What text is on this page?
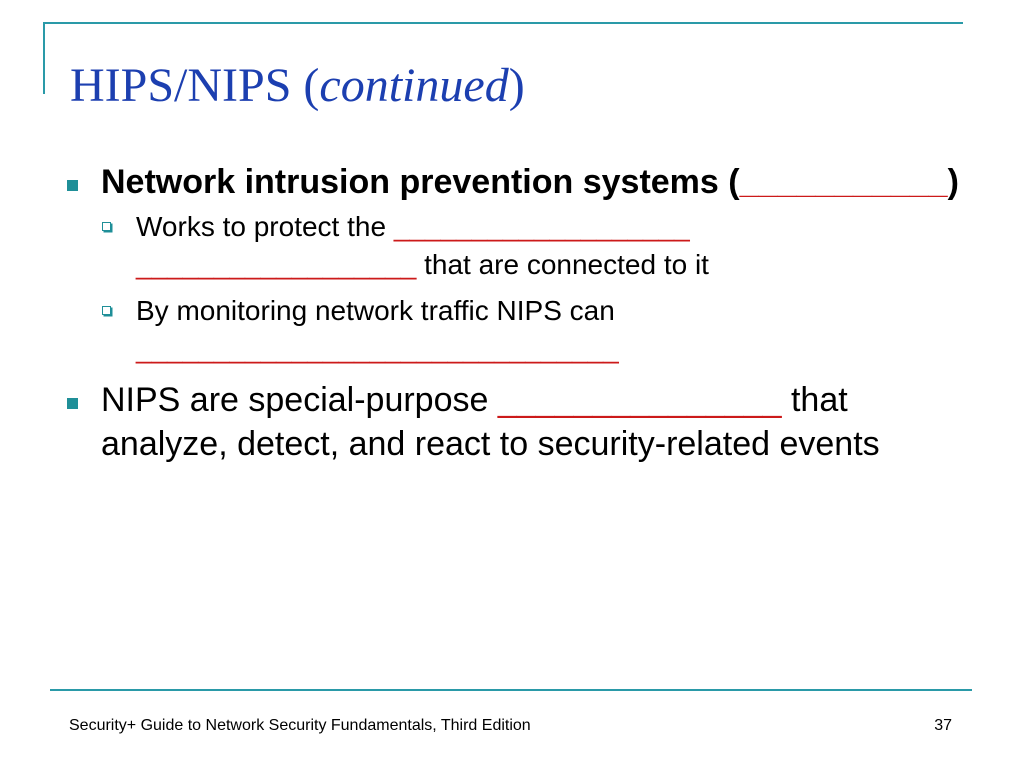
HIPS/NIPS (continued)
Network intrusion prevention systems (___________)
Works to protect the ___________________
__________________ that are connected to it
By monitoring network traffic NIPS can
_______________________________
NIPS are special-purpose _______________ that analyze, detect, and react to security-related events
Security+ Guide to Network Security Fundamentals, Third Edition	37
